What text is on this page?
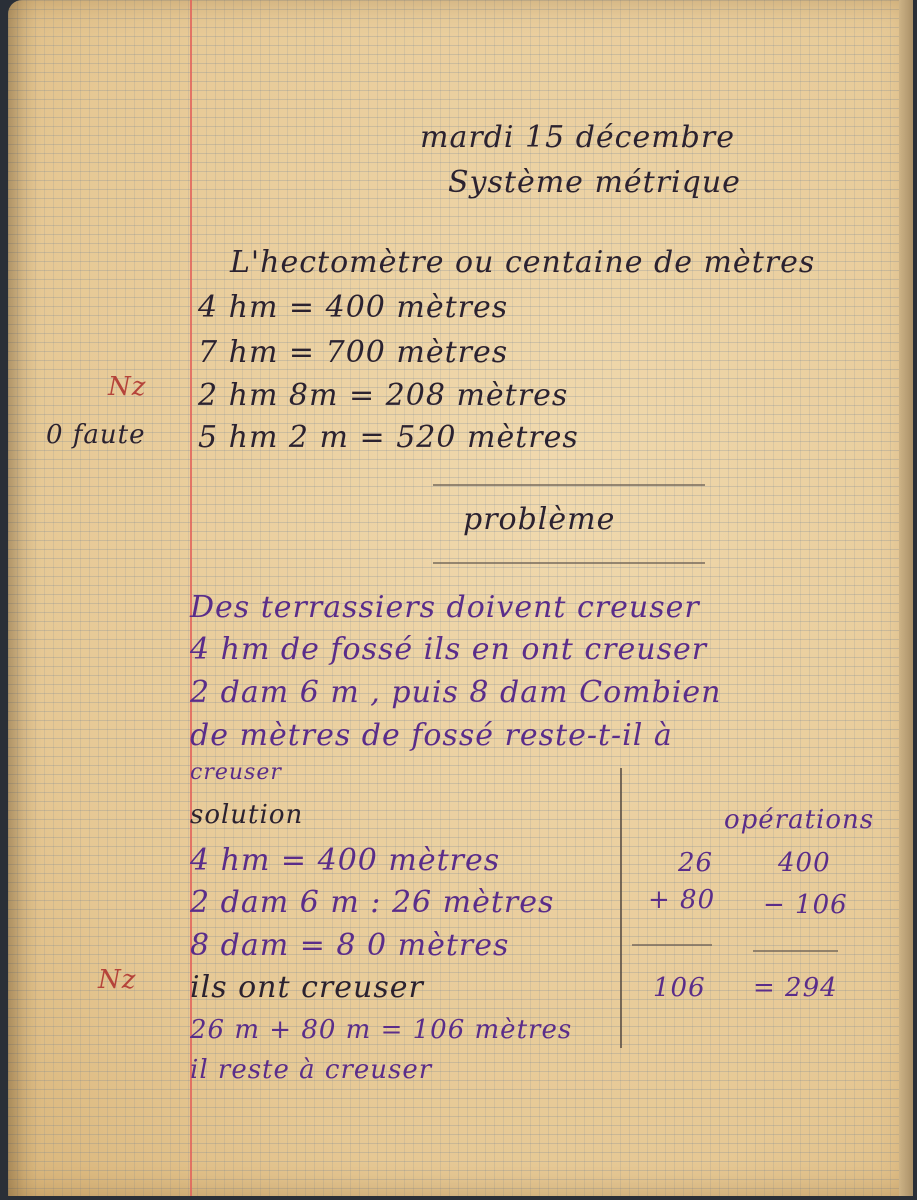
mardi 15 décembre

Système métrique

L'hectomètre ou centaine de mètres

4 hm = 400 mètres

7 hm = 700 mètres

2 hm 8m = 208 mètres

5 hm 2 m = 520 mètres

Nz

0 faute

Nz

problème

Des terrassiers doivent creuser

4 hm de fossé ils en ont creuser

2 dam 6 m , puis 8 dam Combien

de mètres de fossé reste-t-il à

creuser

solution

4 hm = 400 mètres

2 dam 6 m : 26 mètres

8 dam = 8 0 mètres

ils ont creuser

26 m + 80 m = 106 mètres

il reste à creuser

opérations

26

+ 80

106

400

− 106

= 294
